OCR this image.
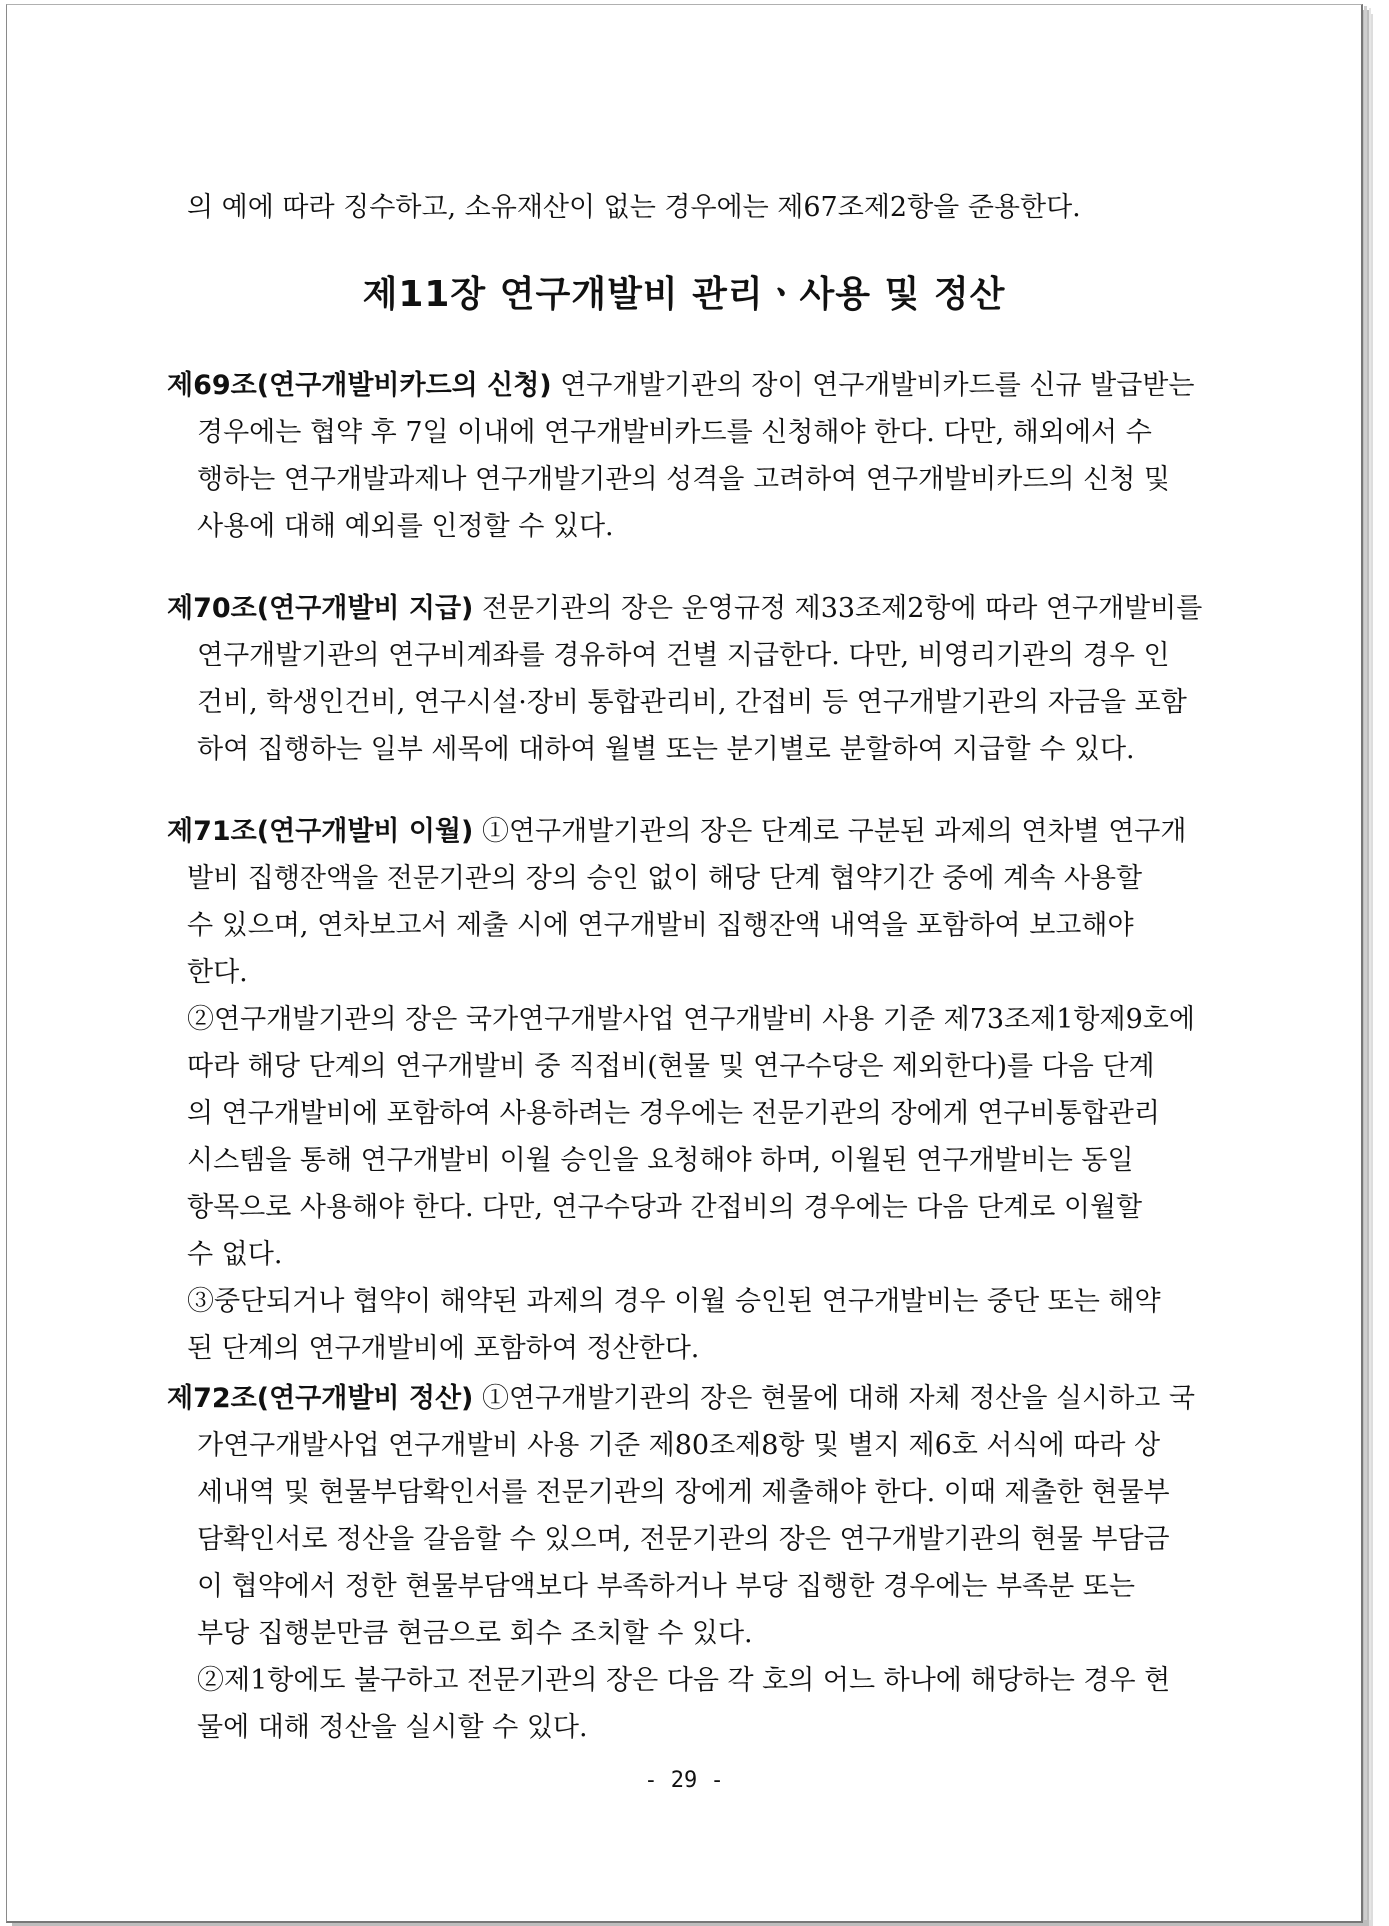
의 예에 따라 징수하고, 소유재산이 없는 경우에는 제67조제2항을 준용한다.
제11장 연구개발비 관리ㆍ사용 및 정산
제69조(연구개발비카드의 신청) 연구개발기관의 장이 연구개발비카드를 신규 발급받는
경우에는 협약 후 7일 이내에 연구개발비카드를 신청해야 한다. 다만, 해외에서 수
행하는 연구개발과제나 연구개발기관의 성격을 고려하여 연구개발비카드의 신청 및
사용에 대해 예외를 인정할 수 있다.
제70조(연구개발비 지급) 전문기관의 장은 운영규정 제33조제2항에 따라 연구개발비를
연구개발기관의 연구비계좌를 경유하여 건별 지급한다. 다만, 비영리기관의 경우 인
건비, 학생인건비, 연구시설·장비 통합관리비, 간접비 등 연구개발기관의 자금을 포함
하여 집행하는 일부 세목에 대하여 월별 또는 분기별로 분할하여 지급할 수 있다.
제71조(연구개발비 이월) ①연구개발기관의 장은 단계로 구분된 과제의 연차별 연구개
발비 집행잔액을 전문기관의 장의 승인 없이 해당 단계 협약기간 중에 계속 사용할
수 있으며, 연차보고서 제출 시에 연구개발비 집행잔액 내역을 포함하여 보고해야
한다.
②연구개발기관의 장은 국가연구개발사업 연구개발비 사용 기준 제73조제1항제9호에
따라 해당 단계의 연구개발비 중 직접비(현물 및 연구수당은 제외한다)를 다음 단계
의 연구개발비에 포함하여 사용하려는 경우에는 전문기관의 장에게 연구비통합관리
시스템을 통해 연구개발비 이월 승인을 요청해야 하며, 이월된 연구개발비는 동일
항목으로 사용해야 한다. 다만, 연구수당과 간접비의 경우에는 다음 단계로 이월할
수 없다.
③중단되거나 협약이 해약된 과제의 경우 이월 승인된 연구개발비는 중단 또는 해약
된 단계의 연구개발비에 포함하여 정산한다.
제72조(연구개발비 정산) ①연구개발기관의 장은 현물에 대해 자체 정산을 실시하고 국
가연구개발사업 연구개발비 사용 기준 제80조제8항 및 별지 제6호 서식에 따라 상
세내역 및 현물부담확인서를 전문기관의 장에게 제출해야 한다. 이때 제출한 현물부
담확인서로 정산을 갈음할 수 있으며, 전문기관의 장은 연구개발기관의 현물 부담금
이 협약에서 정한 현물부담액보다 부족하거나 부당 집행한 경우에는 부족분 또는
부당 집행분만큼 현금으로 회수 조치할 수 있다.
②제1항에도 불구하고 전문기관의 장은 다음 각 호의 어느 하나에 해당하는 경우 현
물에 대해 정산을 실시할 수 있다.
- 29 -
